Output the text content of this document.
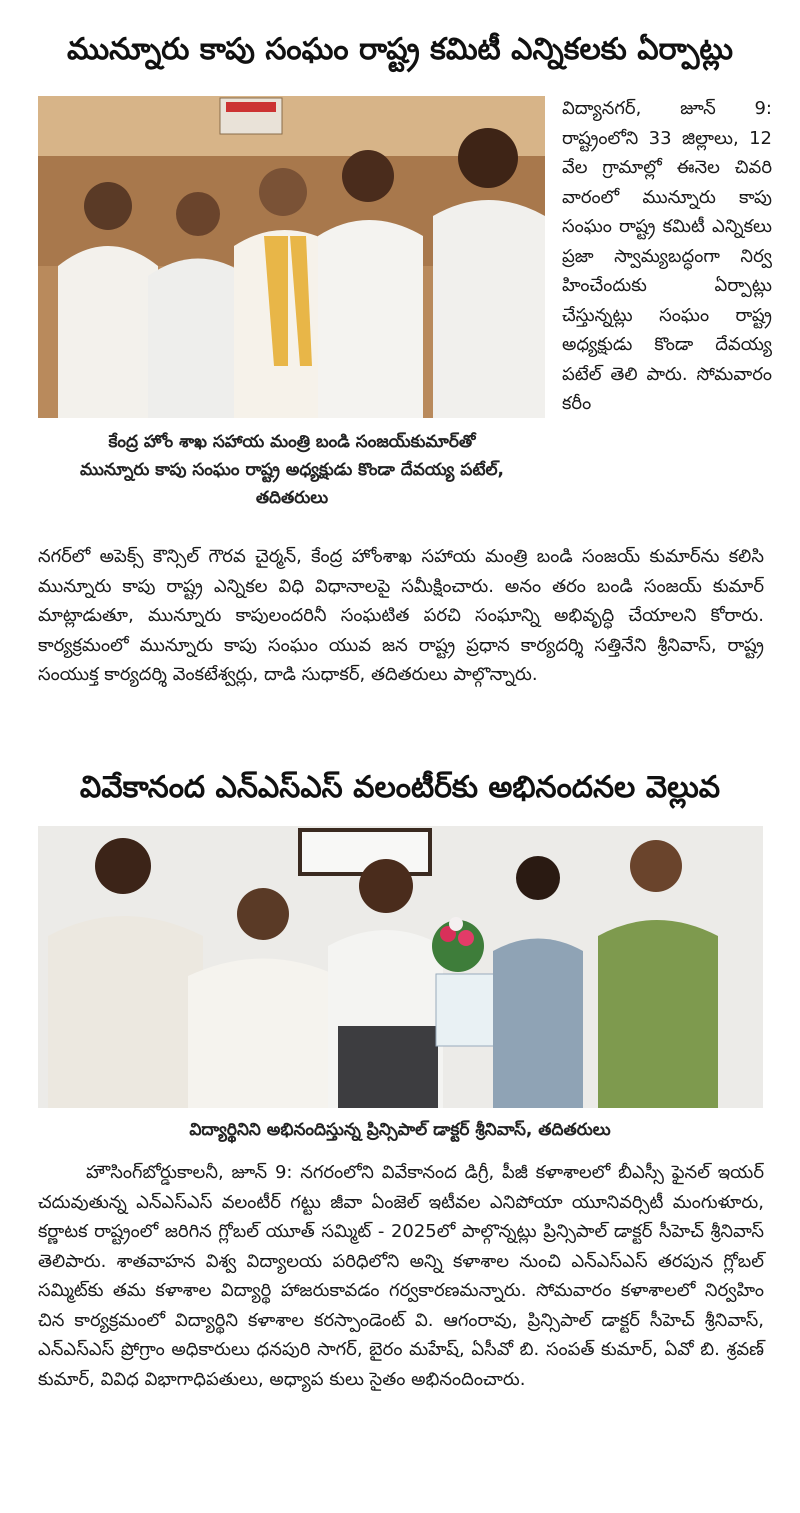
మున్నూరు కాపు సంఘం రాష్ట్ర కమిటీ ఎన్నికలకు ఏర్పాట్లు
కేంద్ర హోం శాఖ సహాయ మంత్రి బండి సంజయ్‌కుమార్‌తో మున్నూరు కాపు సంఘం రాష్ట్ర అధ్యక్షుడు కొండా దేవయ్య పటేల్, తదితరులు
విద్యానగర్, జూన్ 9: రాష్ట్రంలోని 33 జిల్లాలు, 12 వేల గ్రామాల్లో ఈనెల చివరి వారంలో మున్నూరు కాపు సంఘం రాష్ట్ర కమిటీ ఎన్నికలు ప్రజా స్వామ్యబద్ధంగా నిర్వ హించేందుకు ఏర్పాట్లు చేస్తున్నట్లు సంఘం రాష్ట్ర అధ్యక్షుడు కొండా దేవయ్య పటేల్ తెలి పారు. సోమవారం కరీం
నగర్‌లో అపెక్స్ కౌన్సిల్ గౌరవ చైర్మన్, కేంద్ర హోంశాఖ సహాయ మంత్రి బండి సంజయ్ కుమార్‌ను కలిసి మున్నూరు కాపు రాష్ట్ర ఎన్నికల విధి విధానాలపై సమీక్షించారు. అనం తరం బండి సంజయ్ కుమార్ మాట్లాడుతూ, మున్నూరు కాపులందరినీ సంఘటిత పరచి సంఘాన్ని అభివృద్ధి చేయాలని కోరారు. కార్యక్రమంలో మున్నూరు కాపు సంఘం యువ జన రాష్ట్ర ప్రధాన కార్యదర్శి సత్తినేని శ్రీనివాస్, రాష్ట్ర సంయుక్త కార్యదర్శి వెంకటేశ్వర్లు, దాడి సుధాకర్, తదితరులు పాల్గొన్నారు.
వివేకానంద ఎన్ఎస్ఎస్ వలంటీర్‌కు అభినందనల వెల్లువ
విద్యార్థినిని అభినందిస్తున్న ప్రిన్సిపాల్ డాక్టర్ శ్రీనివాస్, తదితరులు
హౌసింగ్‌బోర్డుకాలనీ, జూన్ 9: నగరంలోని వివేకానంద డిగ్రీ, పీజీ కళాశాలలో బీఎస్సీ ఫైనల్ ఇయర్ చదువుతున్న ఎన్ఎస్ఎస్ వలంటీర్ గట్టు జీవా ఏంజెల్ ఇటీవల ఎనిపోయా యూనివర్సిటీ మంగుళూరు, కర్ణాటక రాష్ట్రంలో జరిగిన గ్లోబల్ యూత్ సమ్మిట్ - 2025లో పాల్గొన్నట్లు ప్రిన్సిపాల్ డాక్టర్ సీహెచ్ శ్రీనివాస్ తెలిపారు. శాతవాహన విశ్వ విద్యాలయ పరిధిలోని అన్ని కళాశాల నుంచి ఎన్ఎస్ఎస్ తరపున గ్లోబల్ సమ్మిట్‌కు తమ కళాశాల విద్యార్థి హాజరుకావడం గర్వకారణమన్నారు. సోమవారం కళాశాలలో నిర్వహిం చిన కార్యక్రమంలో విద్యార్థిని కళాశాల కరస్పాండెంట్ వి. ఆగంరావు, ప్రిన్సిపాల్ డాక్టర్ సీహెచ్ శ్రీనివాస్, ఎన్ఎస్ఎస్ ప్రోగ్రాం అధికారులు ధనపురి సాగర్, బైరం మహేష్, ఏసీవో బి. సంపత్ కుమార్, ఏవో బి. శ్రవణ్ కుమార్, వివిధ విభాగాధిపతులు, అధ్యాప కులు సైతం అభినందించారు.
